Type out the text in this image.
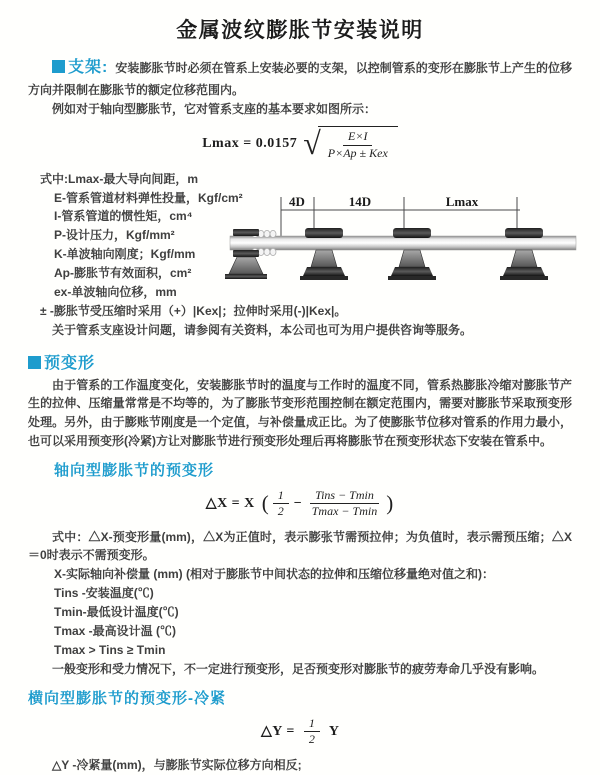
金属波纹膨胀节安装说明

支架: 安装膨胀节时必须在管系上安装必要的支架，以控制管系的变形在膨胀节上产生的位移方向并限制在膨胀节的额定位移范围内。

例如对于轴向型膨胀节，它对管系支座的基本要求如图所示：

Lmax = 0.0157 √ $\frac{E\times I}{\text{P×Ap ± Kex}}$

式中:Lmax-最大导向间距，m

E-管系管道材料弹性投量，Kgf/cm²

I-管系管道的惯性矩，cm⁴

P-设计压力，Kgf/mm²

K-单波轴向刚度；Kgf/mm

Ap-膨胀节有效面积，cm²

ex-单波轴向位移，mm

4D	14D	Lmax

± -膨胀节受压缩时采用（+）|Kex|；拉伸时采用(-)|Kex|。

关于管系支座设计问题，请参阅有关资料，本公司也可为用户提供咨询等服务。

预变形

由于管系的工作温度变化，安装膨胀节时的温度与工作时的温度不同，管系热膨胀冷缩对膨胀节产生的拉伸、压缩量常常是不均等的，为了膨胀节变形范围控制在额定范围内，需要对膨胀节采取预变形处理。另外，由于膨账节刚度是一个定值，与补偿量成正比。为了使膨胀节位移对管系的作用力最小，也可以采用预变形(冷紧)方让对膨胀节进行预变形处理后再将膨胀节在预变形状态下安装在管系中。

轴向型膨胀节的预变形
△X = X ( $\frac{1}{2} - \frac{\text{Tins − Tmin}}{Tmax - Tmin}$ )

式中：△X-预变形量(mm)，△X为正值时，表示膨张节需预拉伸；为负值时，表示需预压缩；△X＝0时表示不需预变形。

X-实际轴向补偿量 (mm) (相对于膨胀节中间状态的拉伸和压缩位移量绝对值之和)：

Tins -安装温度(℃)

Tmin-最低设计温度(℃)

Tmax -最高设计温 (℃)

Tmax > Tins ≥ Tmin

一般变形和受力情况下，不一定进行预变形，足否预变形对膨胀节的疲劳寿命几乎没有影响。

横向型膨胀节的预变形-冷紧
△Y = $\frac{1}{2}$ Y

△Y -冷紧量(mm)，与膨胀节实际位移方向相反;
